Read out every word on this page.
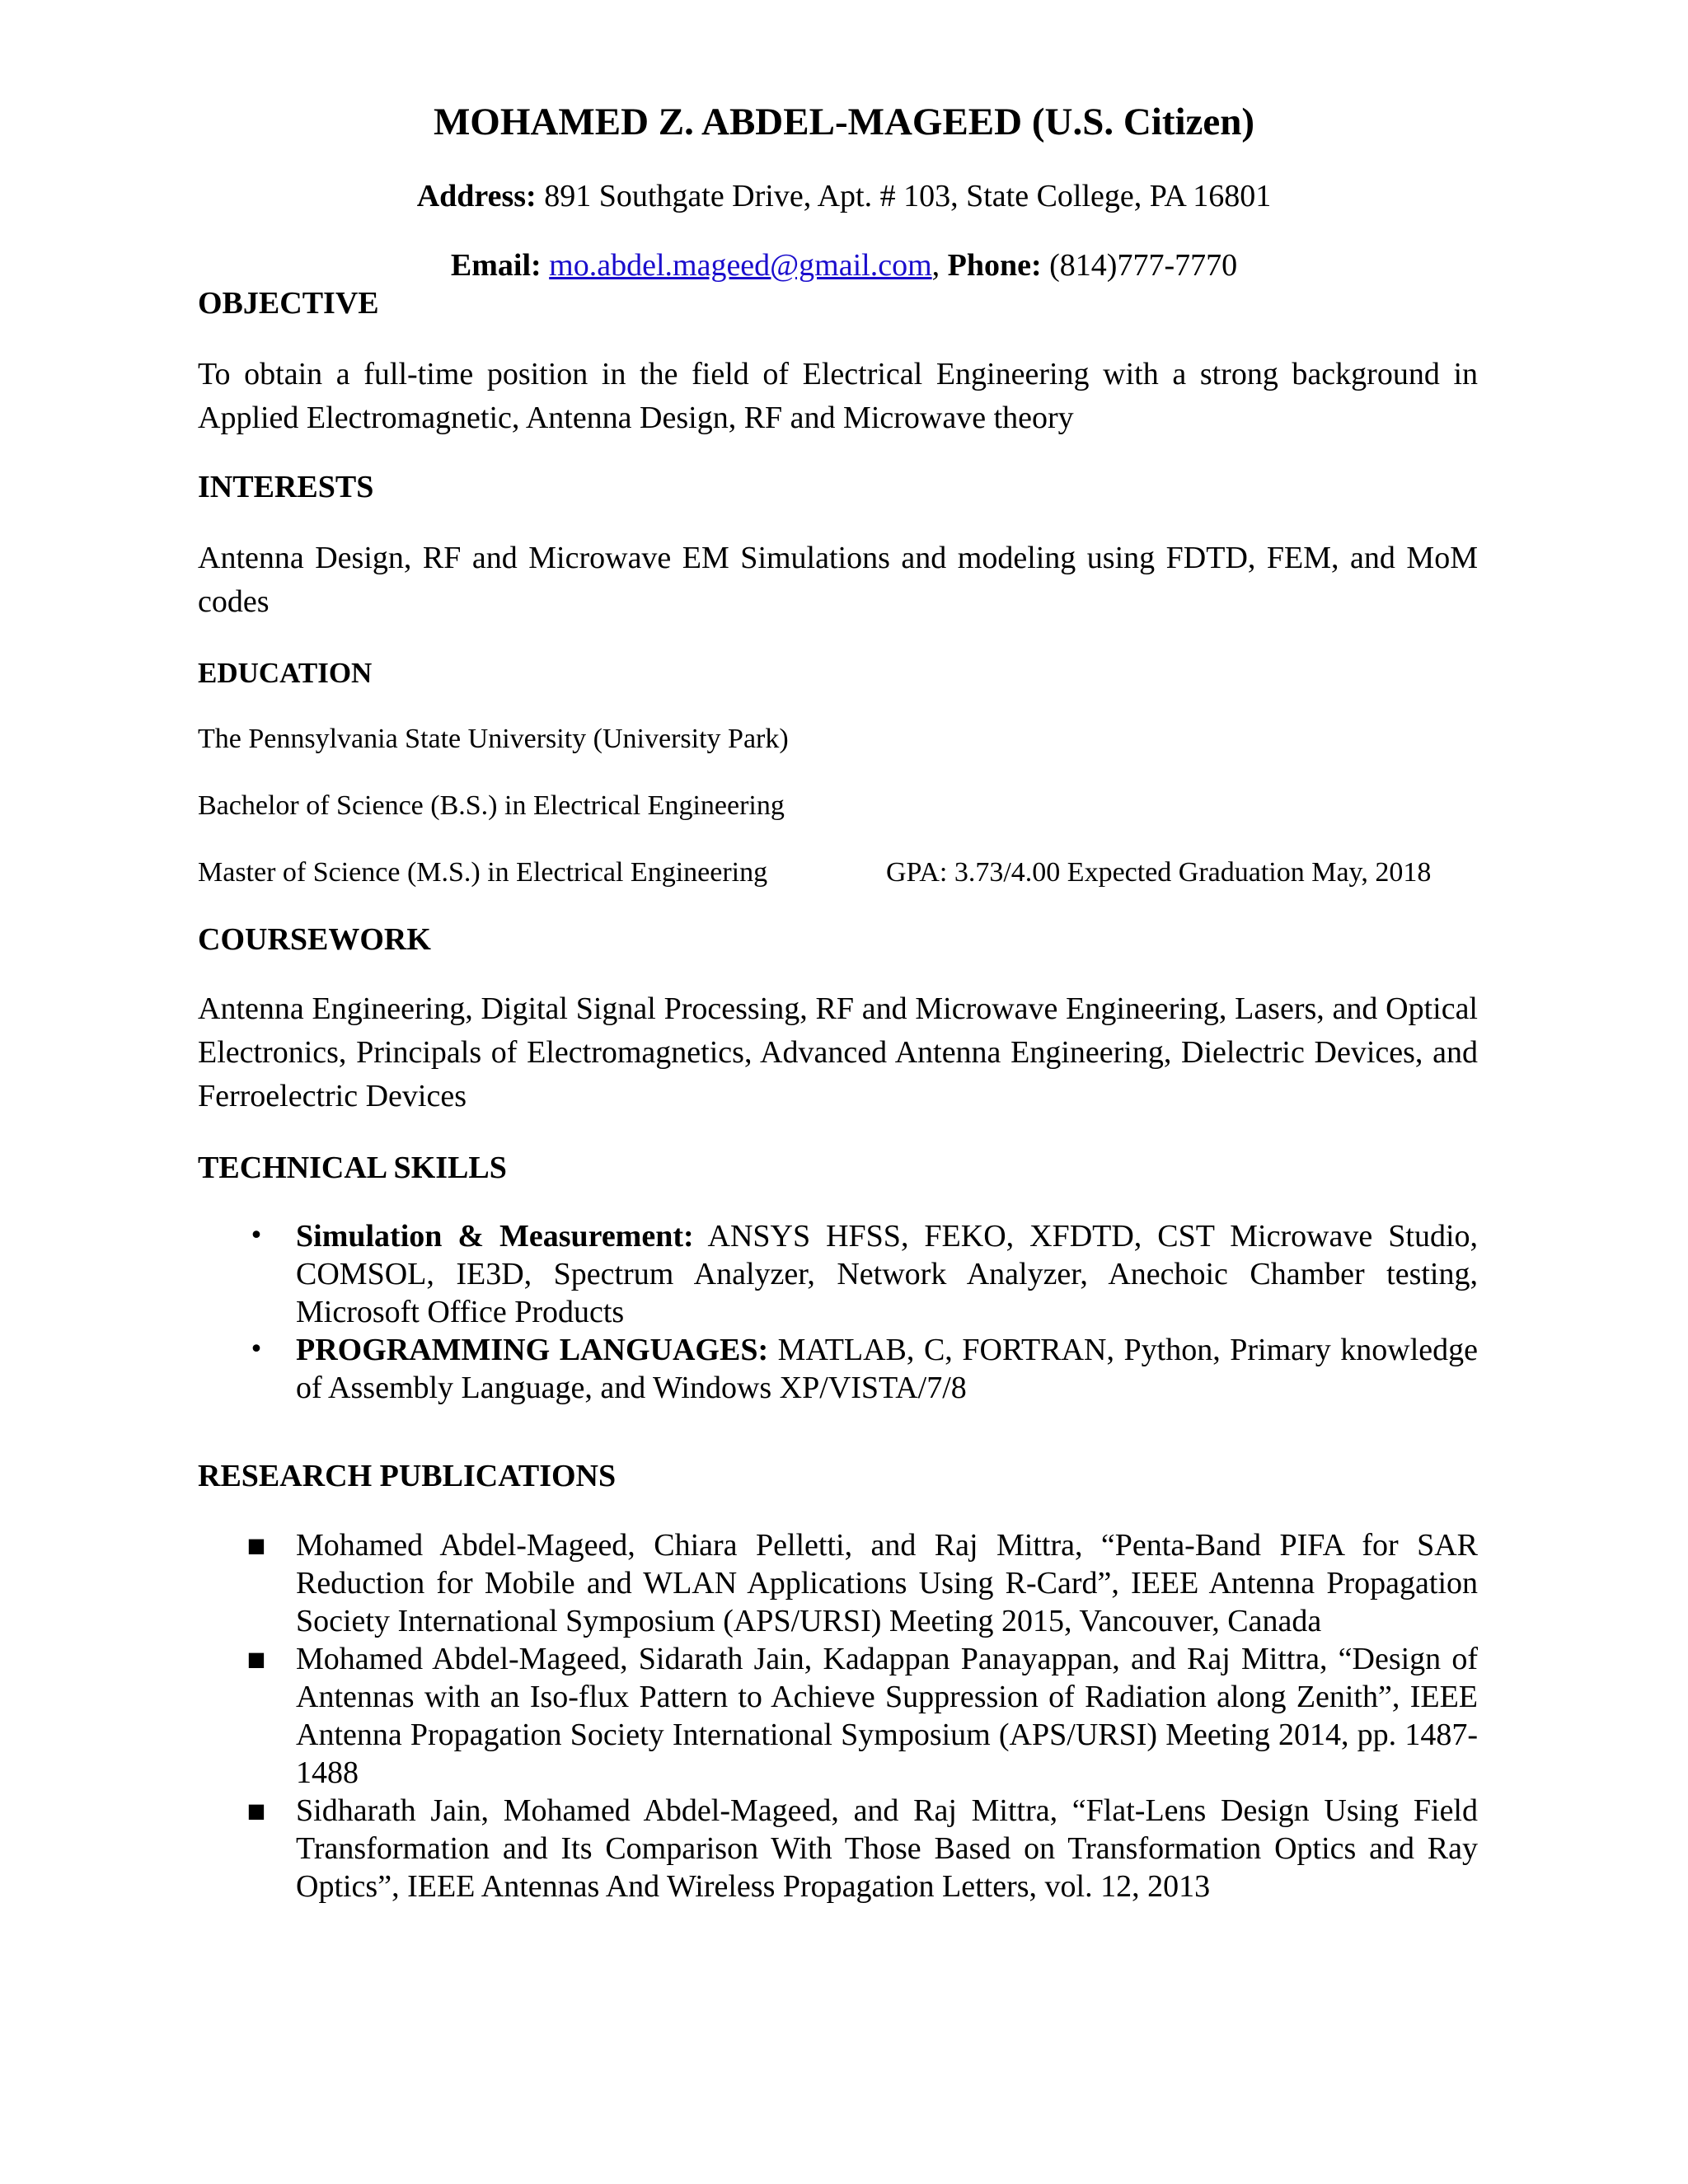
MOHAMED Z. ABDEL-MAGEED (U.S. Citizen)
Address: 891 Southgate Drive, Apt. # 103, State College, PA 16801
Email: mo.abdel.mageed@gmail.com, Phone: (814)777-7770
OBJECTIVE
To obtain a full-time position in the field of Electrical Engineering with a strong background in Applied Electromagnetic, Antenna Design, RF and Microwave theory
INTERESTS
Antenna Design, RF and Microwave EM Simulations and modeling using FDTD, FEM, and MoM codes
EDUCATION
The Pennsylvania State University (University Park)
Bachelor of Science (B.S.) in Electrical Engineering
Master of Science (M.S.) in Electrical Engineering	GPA: 3.73/4.00 Expected Graduation May, 2018
COURSEWORK
Antenna Engineering, Digital Signal Processing, RF and Microwave Engineering, Lasers, and Optical Electronics, Principals of Electromagnetics, Advanced Antenna Engineering, Dielectric Devices, and Ferroelectric Devices
TECHNICAL SKILLS
• Simulation & Measurement: ANSYS HFSS, FEKO, XFDTD, CST Microwave Studio, COMSOL, IE3D, Spectrum Analyzer, Network Analyzer, Anechoic Chamber testing, Microsoft Office Products
• PROGRAMMING LANGUAGES: MATLAB, C, FORTRAN, Python, Primary knowledge of Assembly Language, and Windows XP/VISTA/7/8
RESEARCH PUBLICATIONS
■ Mohamed Abdel-Mageed, Chiara Pelletti, and Raj Mittra, “Penta-Band PIFA for SAR Reduction for Mobile and WLAN Applications Using R-Card”, IEEE Antenna Propagation Society International Symposium (APS/URSI) Meeting 2015, Vancouver, Canada
■ Mohamed Abdel-Mageed, Sidarath Jain, Kadappan Panayappan, and Raj Mittra, “Design of Antennas with an Iso-flux Pattern to Achieve Suppression of Radiation along Zenith”, IEEE Antenna Propagation Society International Symposium (APS/URSI) Meeting 2014, pp. 1487-1488
■ Sidharath Jain, Mohamed Abdel-Mageed, and Raj Mittra, “Flat-Lens Design Using Field Transformation and Its Comparison With Those Based on Transformation Optics and Ray Optics”, IEEE Antennas And Wireless Propagation Letters, vol. 12, 2013
